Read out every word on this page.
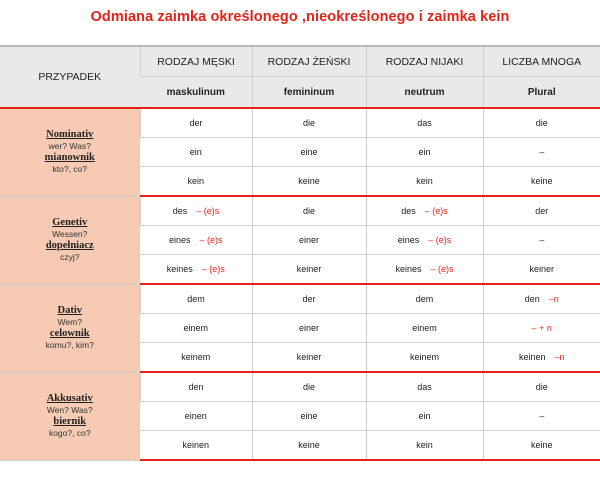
Odmiana zaimka określonego ,nieokreślonego i zaimka kein
PRZYPADEK	RODZAJ MĘSKI	RODZAJ ŻEŃSKI	RODZAJ NIJAKI	LICZBA MNOGA
	maskulinum	femininum	neutrum	Plural

Nominativ
wer? Was?
mianownik
kto?, co?	der	die	das	die
	ein	eine	ein	–
	kein	keine	kein	keine

Genetiv
Wessen?
dopełniacz
czyj?	des – (e)s	die	des – (e)s	der
	eines – (e)s	einer	eines – (e)s	–
	keines – (e)s	keiner	keines – (e)s	keiner

Dativ
Wem?
celownik
komu?, kim?	dem	der	dem	den –n
	einem	einer	einem	– + n
	keinem	keiner	keinem	keinen –n

Akkusativ
Wen? Was?
biernik
kogo?, co?	den	die	das	die
	einen	eine	ein	–
	keinen	keine	kein	keine
